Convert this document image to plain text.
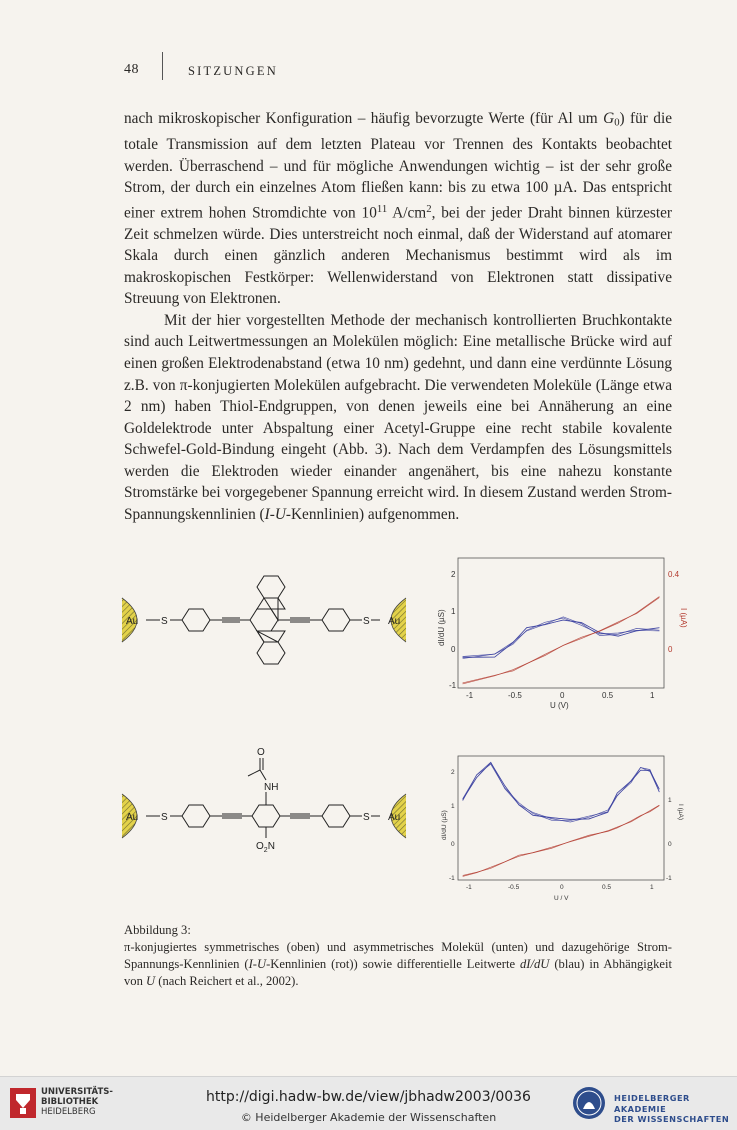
48	SITZUNGEN

nach mikroskopischer Konfiguration – häufig bevorzugte Werte (für Al um $G_0$) für die totale Transmission auf dem letzten Plateau vor Trennen des Kontakts beobachtet werden. Überraschend – und für mögliche Anwendungen wichtig – ist der sehr große Strom, der durch ein einzelnes Atom fließen kann: bis zu etwa 100 µA. Das entspricht einer extrem hohen Stromdichte von $10^{11}$ $A/cm^2$, bei der jeder Draht binnen kürzester Zeit schmelzen würde. Dies unterstreicht noch einmal, daß der Widerstand auf atomarer Skala durch einen gänzlich anderen Mechanismus bestimmt wird als im makroskopischen Festkörper: Wellenwiderstand von Elektronen statt dissipative Streuung von Elektronen.

Mit der hier vorgestellten Methode der mechanisch kontrollierten Bruchkontakte sind auch Leitwertmessungen an Molekülen möglich: Eine metallische Brücke wird auf einen großen Elektrodenabstand (etwa 10 nm) gedehnt, und dann eine verdünnte Lösung z.B. von π-konjugierten Molekülen aufgebracht. Die verwendeten Moleküle (Länge etwa 2 nm) haben Thiol-Endgruppen, von denen jeweils eine bei Annäherung an eine Goldelektrode unter Abspaltung einer Acetyl-Gruppe eine recht stabile kovalente Schwefel-Gold-Bindung eingeht (Abb. 3). Nach dem Verdampfen des Lösungsmittels werden die Elektroden wieder einander angenähert, bis eine nahezu konstante Stromstärke bei vorgegebener Spannung erreicht wird. In diesem Zustand werden Strom-Spannungskennlinien (I-U-Kennlinien) aufgenommen.

Au S	S Au
Au S
NH
O
$O_2N$
S Au
2
1
0
-1
0.4
0
-1	-0.5	0	0.5	1
U (V)
dI/dU (µS)	I (µA)
2
1
0
-1
1
0
-1
-1	-0.5	0	0.5	1
U / V
dI/dU (µS)	I (µA)

Abbildung 3:

π-konjugiertes symmetrisches (oben) und asymmetrisches Molekül (unten) und dazugehörige Strom-Spannungs-Kennlinien (I-U-Kennlinien (rot)) sowie differentielle Leitwerte dI/dU (blau) in Abhängigkeit von U (nach Reichert et al., 2002).

UNIVERSITÄTS-
BIBLIOTHEK
HEIDELBERG
http://digi.hadw-bw.de/view/jbhadw2003/0036
© Heidelberger Akademie der Wissenschaften
HEIDELBERGER AKADEMIE
DER WISSENSCHAFTEN
